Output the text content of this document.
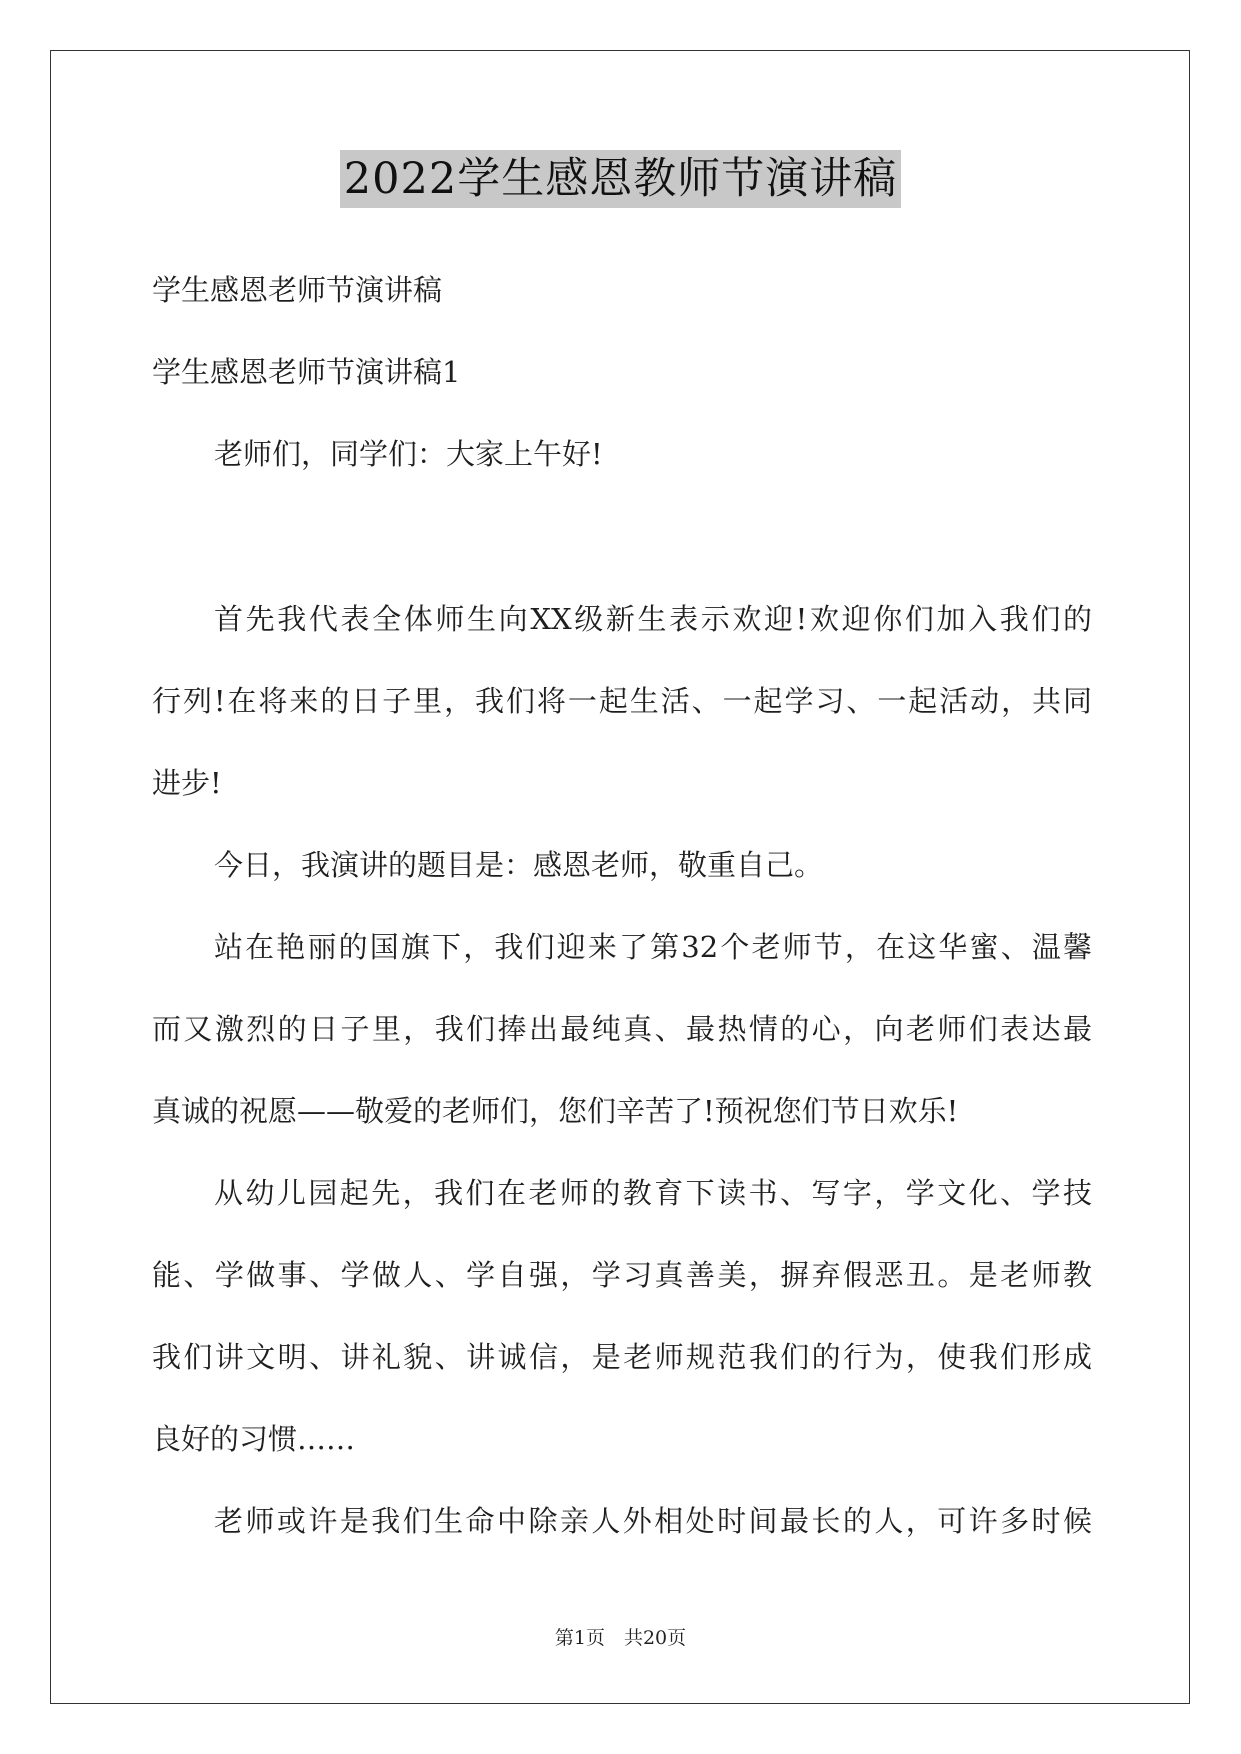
2022学生感恩教师节演讲稿
学生感恩老师节演讲稿
学生感恩老师节演讲稿1
老师们，同学们：大家上午好!
首先我代表全体师生向XX级新生表示欢迎!欢迎你们加入我们的
行列!在将来的日子里，我们将一起生活、一起学习、一起活动，共同
进步!
今日，我演讲的题目是：感恩老师，敬重自己。
站在艳丽的国旗下，我们迎来了第32个老师节，在这华蜜、温馨
而又激烈的日子里，我们捧出最纯真、最热情的心，向老师们表达最
真诚的祝愿——敬爱的老师们，您们辛苦了!预祝您们节日欢乐!
从幼儿园起先，我们在老师的教育下读书、写字，学文化、学技
能、学做事、学做人、学自强，学习真善美，摒弃假恶丑。是老师教
我们讲文明、讲礼貌、讲诚信，是老师规范我们的行为，使我们形成
良好的习惯……
老师或许是我们生命中除亲人外相处时间最长的人，可许多时候
第1页　共20页
